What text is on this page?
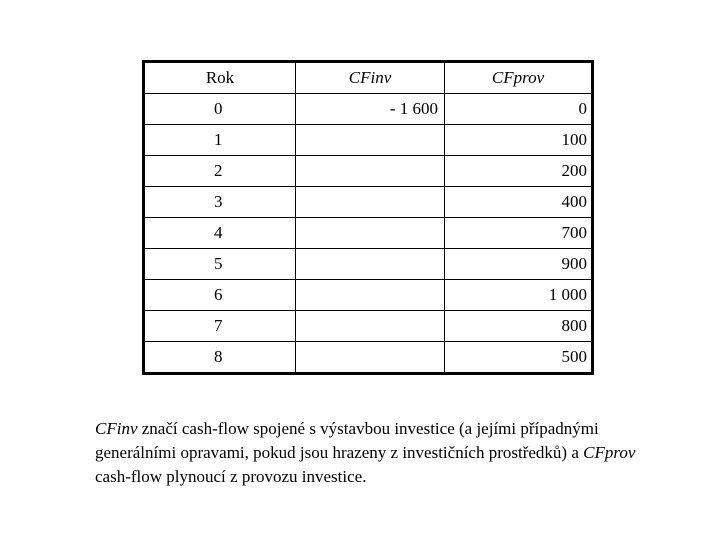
Rok	CFinv	CFprov
0	- 1 600	0
1		100
2		200
3		400
4		700
5		900
6		1 000
7		800
8		500

CFinv značí cash-flow spojené s výstavbou investice (a jejími případnými generálními opravami, pokud jsou hrazeny z investičních prostředků) a CFprov cash-flow plynoucí z provozu investice.
